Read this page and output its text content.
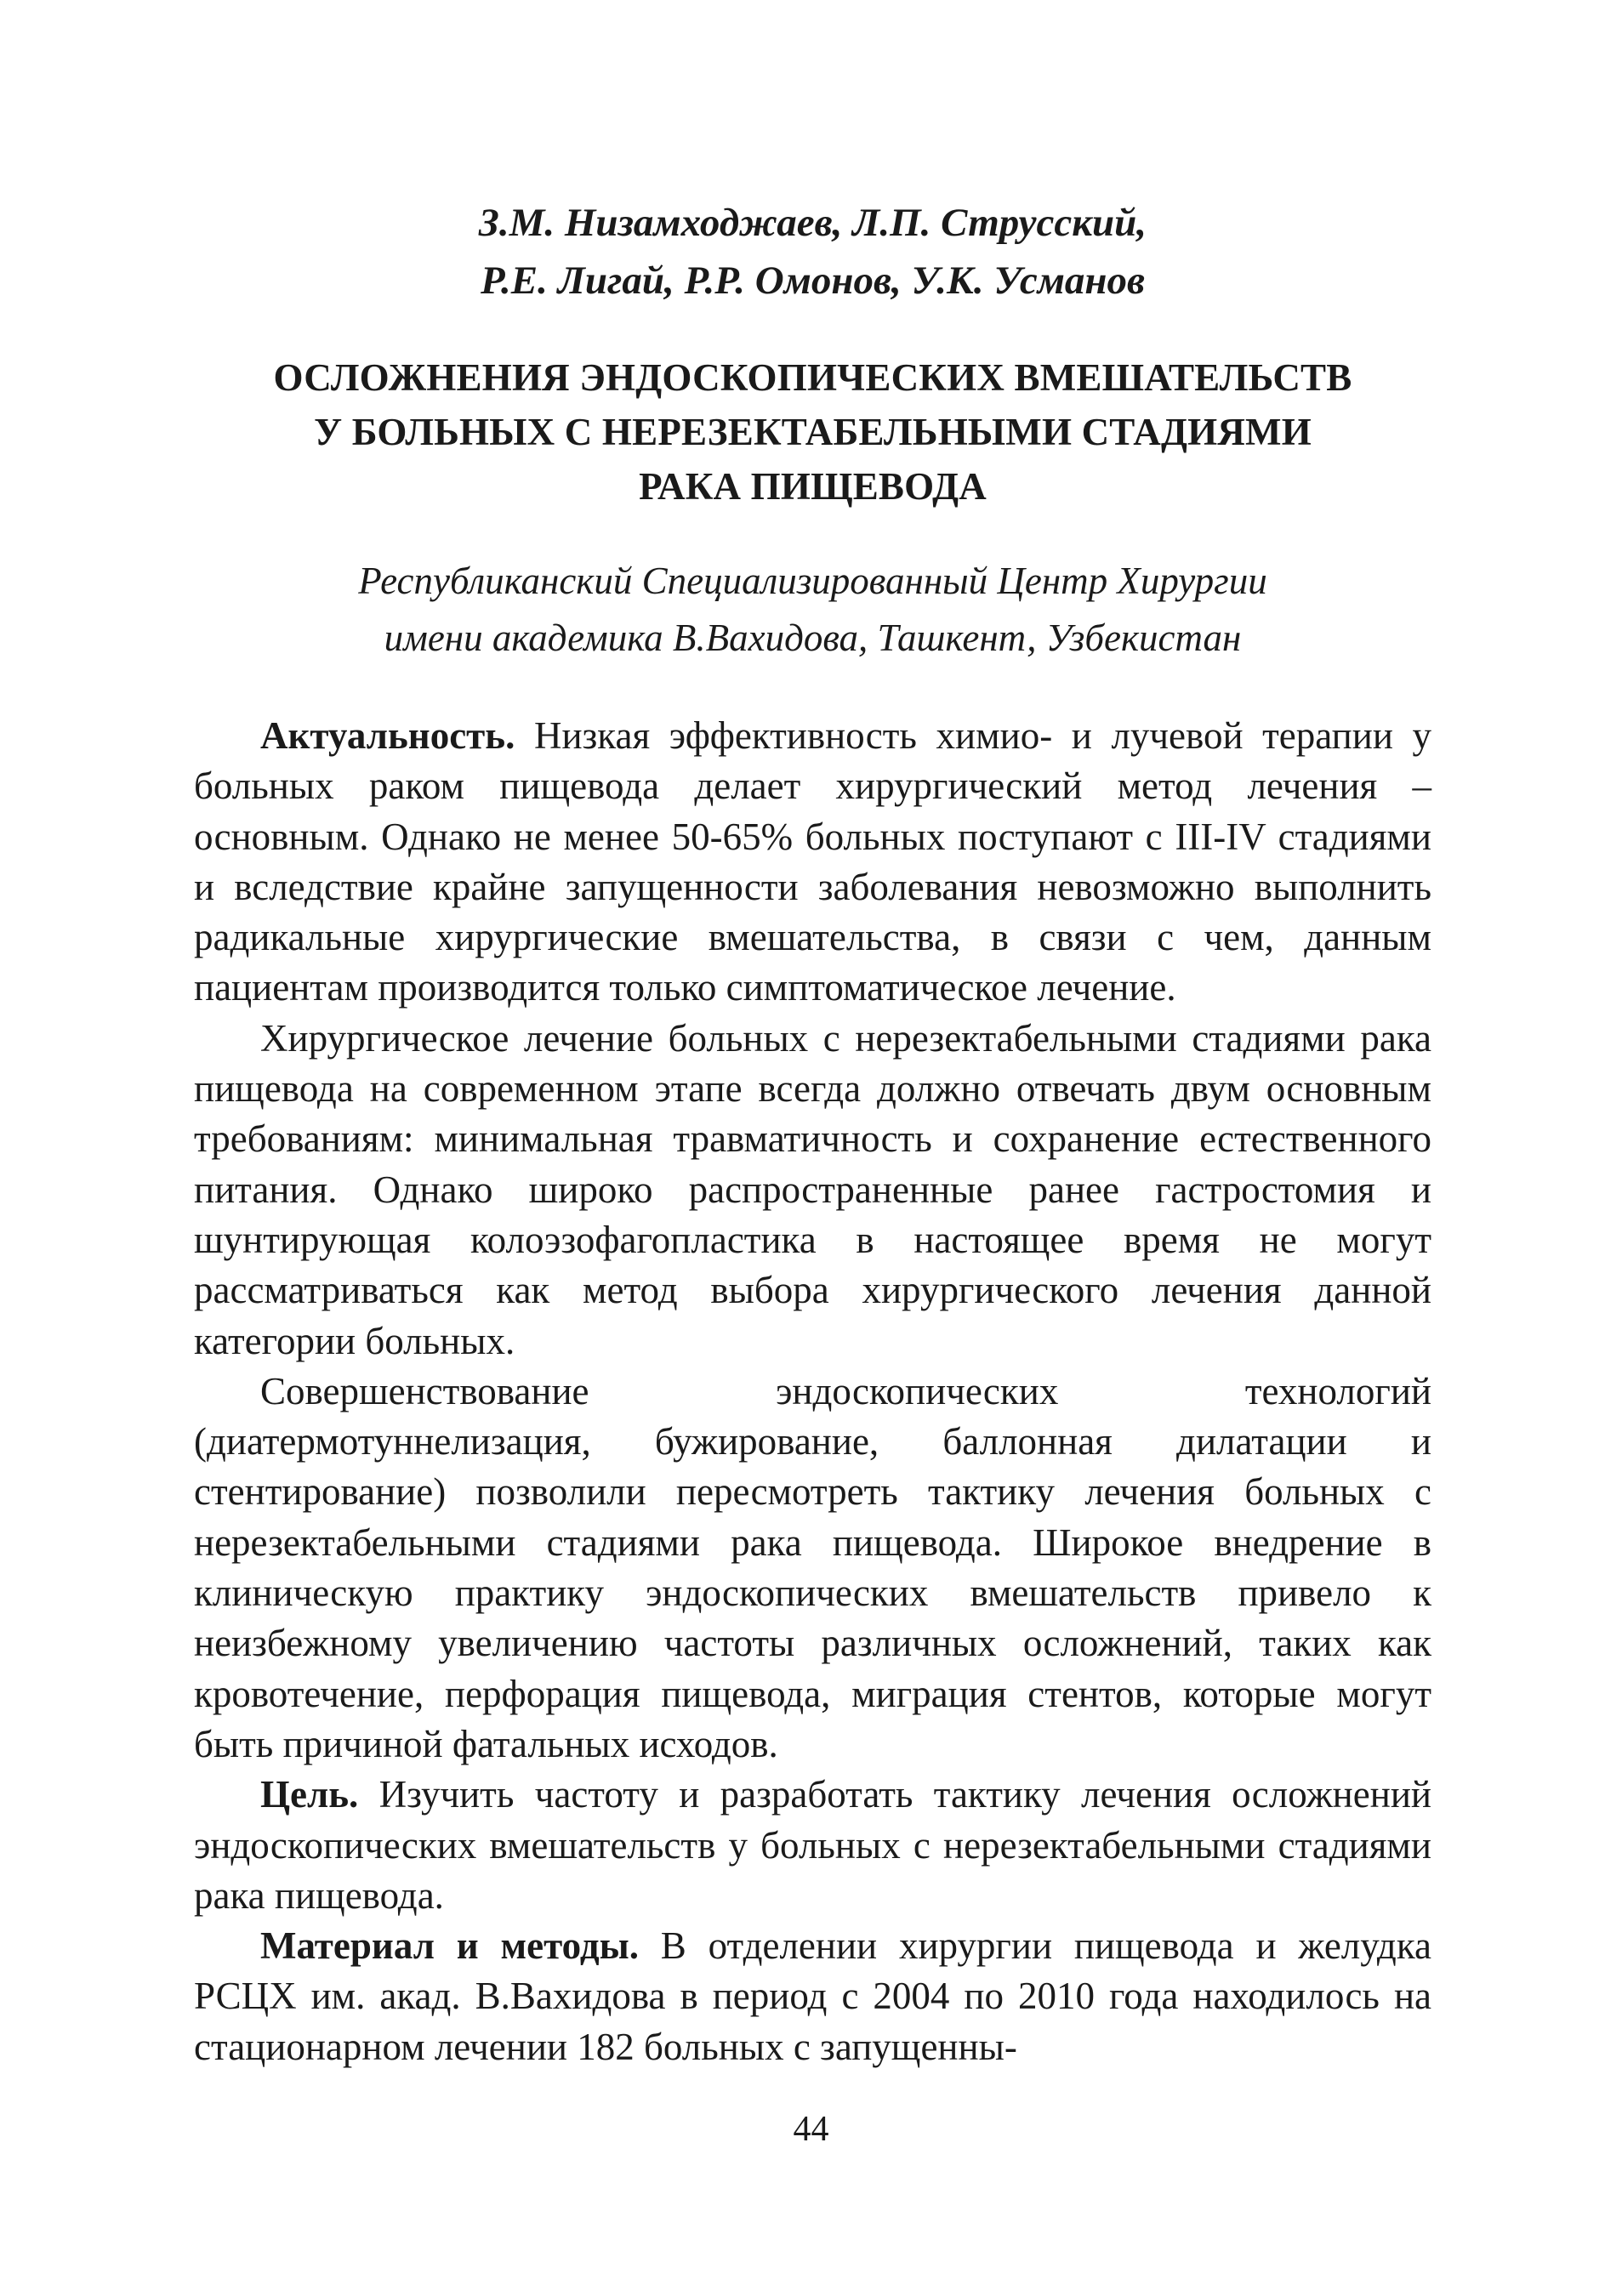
З.М. Низамходжаев, Л.П. Струсский,
Р.Е. Лигай, Р.Р. Омонов, У.К. Усманов
ОСЛОЖНЕНИЯ ЭНДОСКОПИЧЕСКИХ ВМЕШАТЕЛЬСТВ
У БОЛЬНЫХ С НЕРЕЗЕКТАБЕЛЬНЫМИ СТАДИЯМИ
РАКА ПИЩЕВОДА
Республиканский Специализированный Центр Хирургии
имени академика В.Вахидова, Ташкент, Узбекистан

Актуальность. Низкая эффективность химио- и лучевой терапии у больных раком пищевода делает хирургический метод лечения – основным. Однако не менее 50-65% больных поступают с III-IV стадиями и вследствие крайне запущенности заболевания невозможно выполнить радикальные хирургические вмешательства, в связи с чем, данным пациентам производится только симптоматическое лечение.

Хирургическое лечение больных с нерезектабельными стадиями рака пищевода на современном этапе всегда должно отвечать двум основным требованиям: минимальная травматичность и сохранение естественного питания. Однако широко распространенные ранее гастростомия и шунтирующая колоэзофагопластика в настоящее время не могут рассматриваться как метод выбора хирургического лечения данной категории больных.

Совершенствование эндоскопических технологий (диатермотуннелизация, бужирование, баллонная дилатации и стентирование) позволили пересмотреть тактику лечения больных с нерезектабельными стадиями рака пищевода. Широкое внедрение в клиническую практику эндоскопических вмешательств привело к неизбежному увеличению частоты различных осложнений, таких как кровотечение, перфорация пищевода, миграция стентов, которые могут быть причиной фатальных исходов.

Цель. Изучить частоту и разработать тактику лечения осложнений эндоскопических вмешательств у больных с нерезектабельными стадиями рака пищевода.

Материал и методы. В отделении хирургии пищевода и желудка РСЦХ им. акад. В.Вахидова в период с 2004 по 2010 года находилось на стационарном лечении 182 больных с запущенны-

44
